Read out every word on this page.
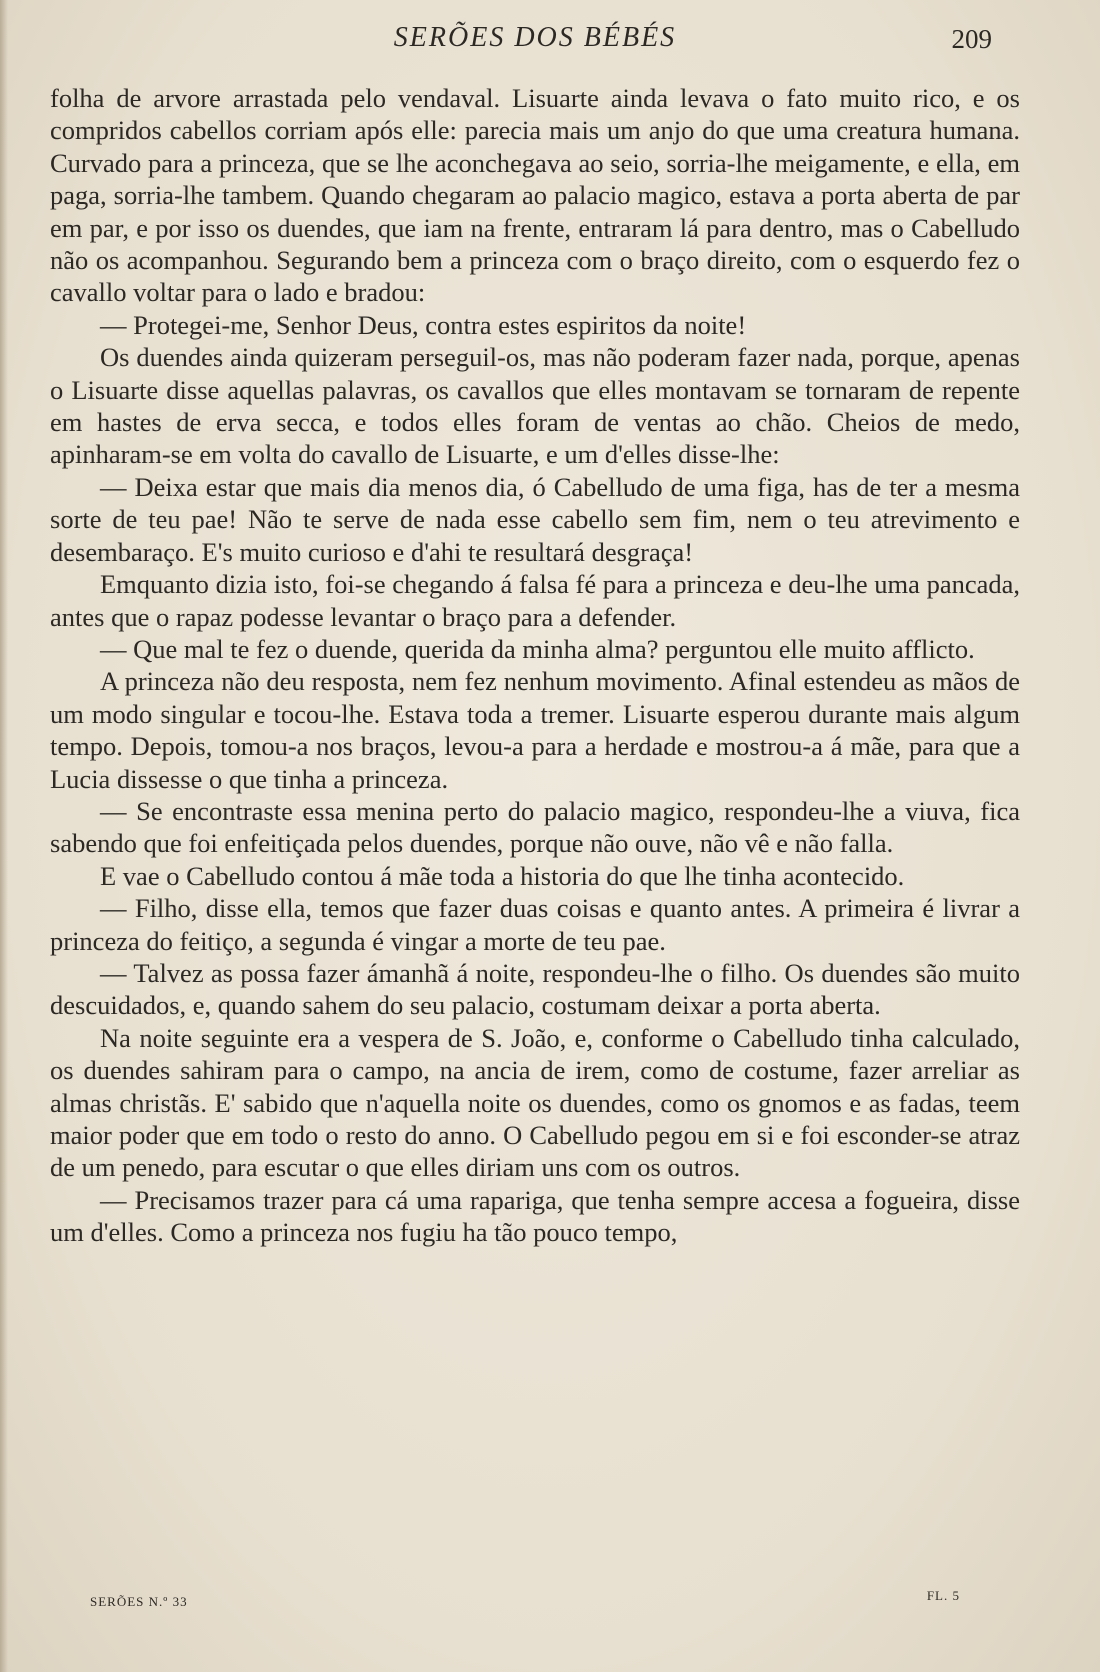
SERÕES DOS BÉBÉS	209

folha de arvore arrastada pelo vendaval. Lisuarte ainda levava o fato muito rico, e os compridos cabellos corriam após elle: parecia mais um anjo do que uma creatura humana. Curvado para a princeza, que se lhe aconchegava ao seio, sorria-lhe meigamente, e ella, em paga, sorria-lhe tambem. Quando chegaram ao palacio magico, estava a porta aberta de par em par, e por isso os duendes, que iam na frente, entraram lá para dentro, mas o Cabelludo não os acompanhou. Segurando bem a princeza com o braço direito, com o esquerdo fez o cavallo voltar para o lado e bradou:

— Protegei-me, Senhor Deus, contra estes espiritos da noite!

Os duendes ainda quizeram perseguil-os, mas não poderam fazer nada, porque, apenas o Lisuarte disse aquellas palavras, os cavallos que elles montavam se tornaram de repente em hastes de erva secca, e todos elles foram de ventas ao chão. Cheios de medo, apinharam-se em volta do cavallo de Lisuarte, e um d'elles disse-lhe:

— Deixa estar que mais dia menos dia, ó Cabelludo de uma figa, has de ter a mesma sorte de teu pae! Não te serve de nada esse cabello sem fim, nem o teu atrevimento e desembaraço. E's muito curioso e d'ahi te resultará desgraça!

Emquanto dizia isto, foi-se chegando á falsa fé para a princeza e deu-lhe uma pancada, antes que o rapaz podesse levantar o braço para a defender.

— Que mal te fez o duende, querida da minha alma? perguntou elle muito afflicto.

A princeza não deu resposta, nem fez nenhum movimento. Afinal estendeu as mãos de um modo singular e tocou-lhe. Estava toda a tremer. Lisuarte esperou durante mais algum tempo. Depois, tomou-a nos braços, levou-a para a herdade e mostrou-a á mãe, para que a Lucia dissesse o que tinha a princeza.

— Se encontraste essa menina perto do palacio magico, respondeu-lhe a viuva, fica sabendo que foi enfeitiçada pelos duendes, porque não ouve, não vê e não falla.

E vae o Cabelludo contou á mãe toda a historia do que lhe tinha acontecido.

— Filho, disse ella, temos que fazer duas coisas e quanto antes. A primeira é livrar a princeza do feitiço, a segunda é vingar a morte de teu pae.

— Talvez as possa fazer ámanhã á noite, respondeu-lhe o filho. Os duendes são muito descuidados, e, quando sahem do seu palacio, costumam deixar a porta aberta.

Na noite seguinte era a vespera de S. João, e, conforme o Cabelludo tinha calculado, os duendes sahiram para o campo, na ancia de irem, como de costume, fazer arreliar as almas christãs. E' sabido que n'aquella noite os duendes, como os gnomos e as fadas, teem maior poder que em todo o resto do anno. O Cabelludo pegou em si e foi esconder-se atraz de um penedo, para escutar o que elles diriam uns com os outros.

— Precisamos trazer para cá uma rapariga, que tenha sempre accesa a fogueira, disse um d'elles. Como a princeza nos fugiu ha tão pouco tempo,

SERÕES N.º 33	FL. 5
